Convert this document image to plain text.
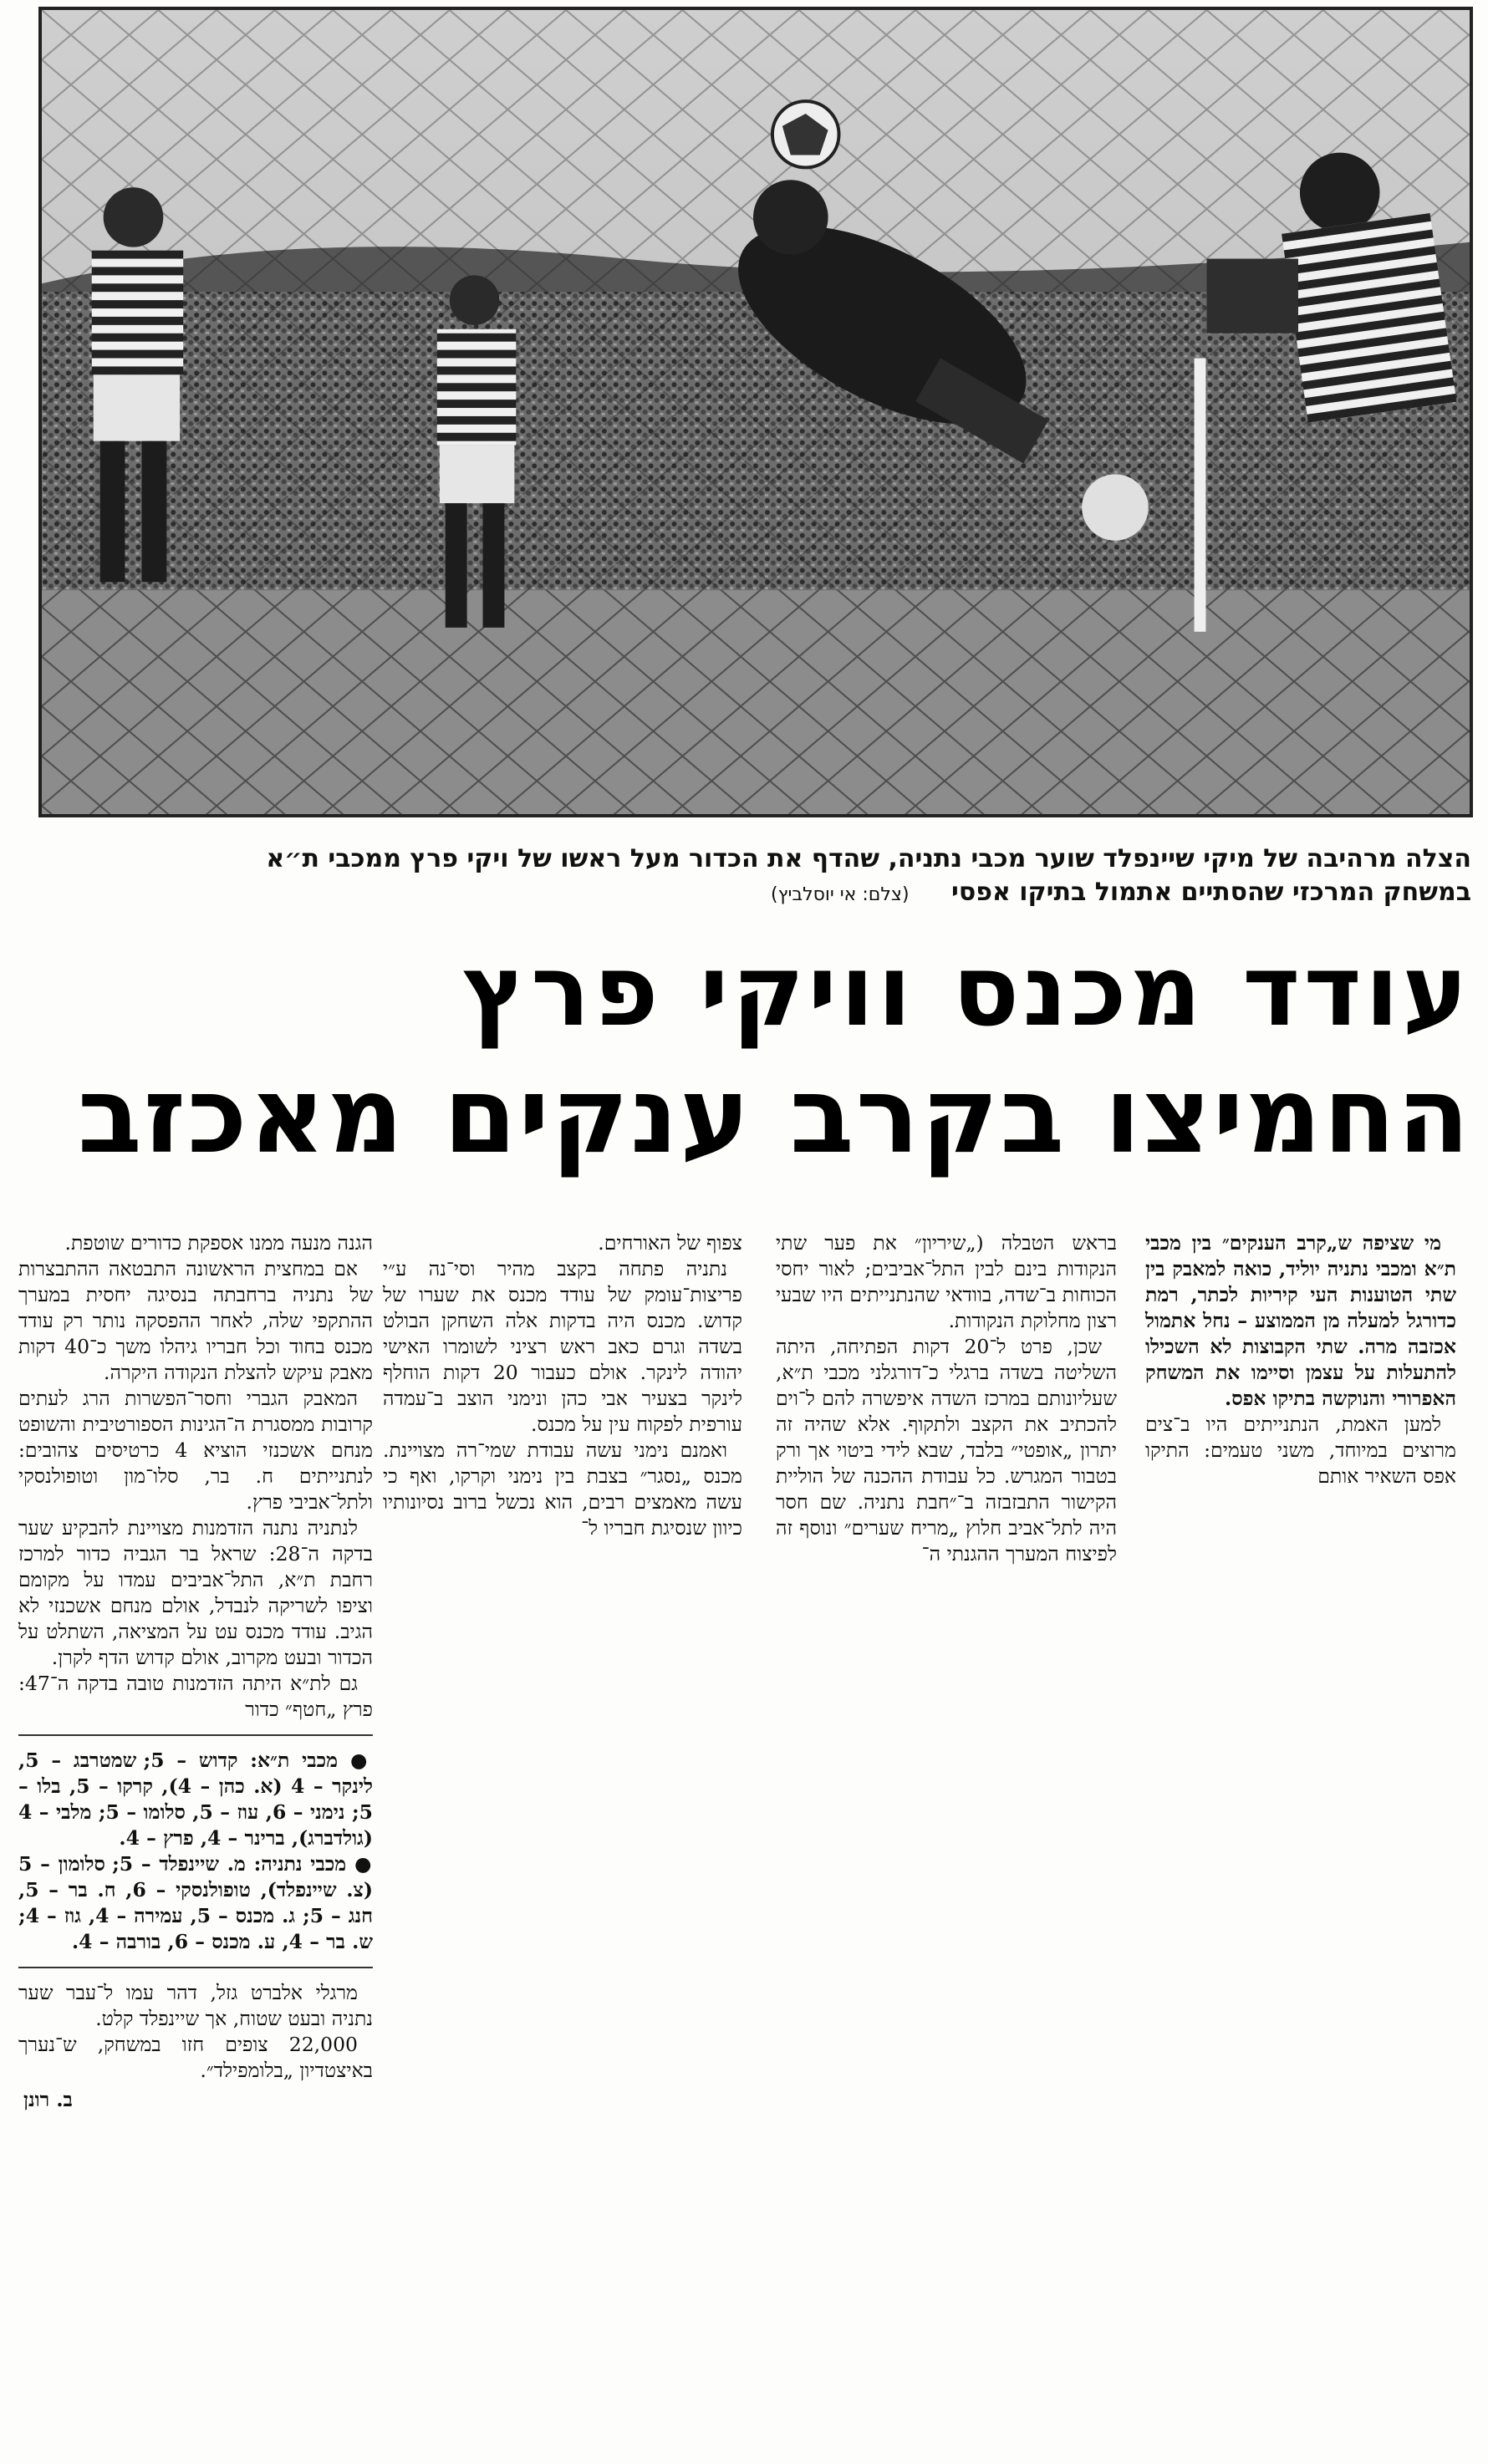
הצלה מרהיבה של מיקי שיינפלד שוער מכבי נתניה, שהדף את הכדור מעל ראשו של ויקי פרץ ממכבי ת״א
במשחק המרכזי שהסתיים אתמול בתיקו אפסי (צלם: אי יוסלביץ)
עודד מכנס וויקי פרץ
החמיצו בקרב ענקים מאכזב

מי שציפה ש„קרב הענקים״ בין מכבי ת״א ומכבי נתניה יוליד, כואה למאבק בין שתי הטוענות העי קיריות לכתר, רמת כדורגל למעלה מן הממוצע – נחל אתמול אכזבה מרה. שתי הקבוצות לא השכילו להתעלות על עצמן וסיימו את המשחק האפרורי והנוקשה בתיקו אפס.

למען האמת, הנתנייתים היו ב־צים מרוצים במיוחד, משני טעמים: התיקו אפס השאיר אותם

בראש הטבלה („שיריון״ את פער שתי הנקודות בינם לבין התל־אביבים; לאור יחסי הכוחות ב־שדה, בוודאי שהנתנייתים היו שבעי רצון מחלוקת הנקודות.

שכן, פרט ל־20 דקות הפתיחה, היתה השליטה בשדה ברגלי כ־דורגלני מכבי ת״א, שעליונותם במרכז השדה איפשרה להם ל־וים להכתיב את הקצב ולתקוף. אלא שהיה זה יתרון „אופטי״ בלבד, שבא לידי ביטוי אך ורק בטבור המגרש. כל עבודת ההכנה של הוליית הקישור התבזבזה ב־״חבת נתניה. שם חסר היה לתל־אביב חלוץ „מריח שערים״ ונוסף זה לפיצוח המערך ההגנתי ה־

צפוף של האורחים.

נתניה פתחה בקצב מהיר וסי־נה ע״י פריצות־עומק של עודד מכנס את שערו של קדוש. מכנס היה בדקות אלה השחקן הבולט בשדה וגרם כאב ראש רציני לשומרו האישי יהודה לינקר. אולם כעבור 20 דקות הוחלף לינקר בצעיר אבי כהן ונימני הוצב ב־עמדה עורפית לפקוח עין על מכנס.

ואמנם נימני עשה עבודת שמי־רה מצויינת. מכנס „נסגר״ בצבת בין נימני וקרקו, ואף כי עשה מאמצים רבים, הוא נכשל ברוב נסיונותיו כיוון שנסיגת חבריו ל־

הגנה מנעה ממנו אספקת כדורים שוטפת.

אם במחצית הראשונה התבטאה ההתבצרות של נתניה ברחבתה בנסיגה יחסית במערך ההתקפי שלה, לאחר ההפסקה נותר רק עודד מכנס בחוד וכל חבריו גיהלו משך כ־40 דקות מאבק עיקש להצלת הנקודה היקרה.

המאבק הגברי וחסר־הפשרות הרג לעתים קרובות ממסגרת ה־הגינות הספורטיבית והשופט מנחם אשכנזי הוציא 4 כרטיסים צהובים: לנתנייתים ח. בר, סלו־מון וטופולנסקי ולתל־אביבי פרץ.

לנתניה נתנה הזדמנות מצויינת להבקיע שער בדקה ה־28: שראל בר הגביה כדור למרכז רחבת ת״א, התל־אביבים עמדו על מקומם וציפו לשריקה לנבדל, אולם מנחם אשכנזי לא הגיב. עודד מכנס עט על המציאה, השתלט על הכדור ובעט מקרוב, אולם קדוש הדף לקרן.

גם לת״א היתה הזדמנות טובה בדקה ה־47: פרץ „חטף״ כדור

● מכבי ת״א: קדוש – 5; שמטרבג – 5, לינקר – 4 (א. כהן – 4), קרקו – 5, בלו – 5; נימני – 6, עוז – 5, סלומו – 5; מלבי – 4 (גולדברג), ברינר – 4, פרץ – 4.

● מכבי נתניה: מ. שיינפלד – 5; סלומון – 5 (צ. שיינפלד), טופולנסקי – 6, ח. בר – 5, חנג – 5; ג. מכנס – 5, עמירה – 4, גוז – 4; ש. בר – 4, ע. מכנס – 6, בורבה – 4.

מרגלי אלברט גזל, דהר עמו ל־עבר שער נתניה ובעט שטוח, אך שיינפלד קלט.

22,000 צופים חזו במשחק, ש־נערך באיצטדיון „בלומפילד״.

ב. רונן
